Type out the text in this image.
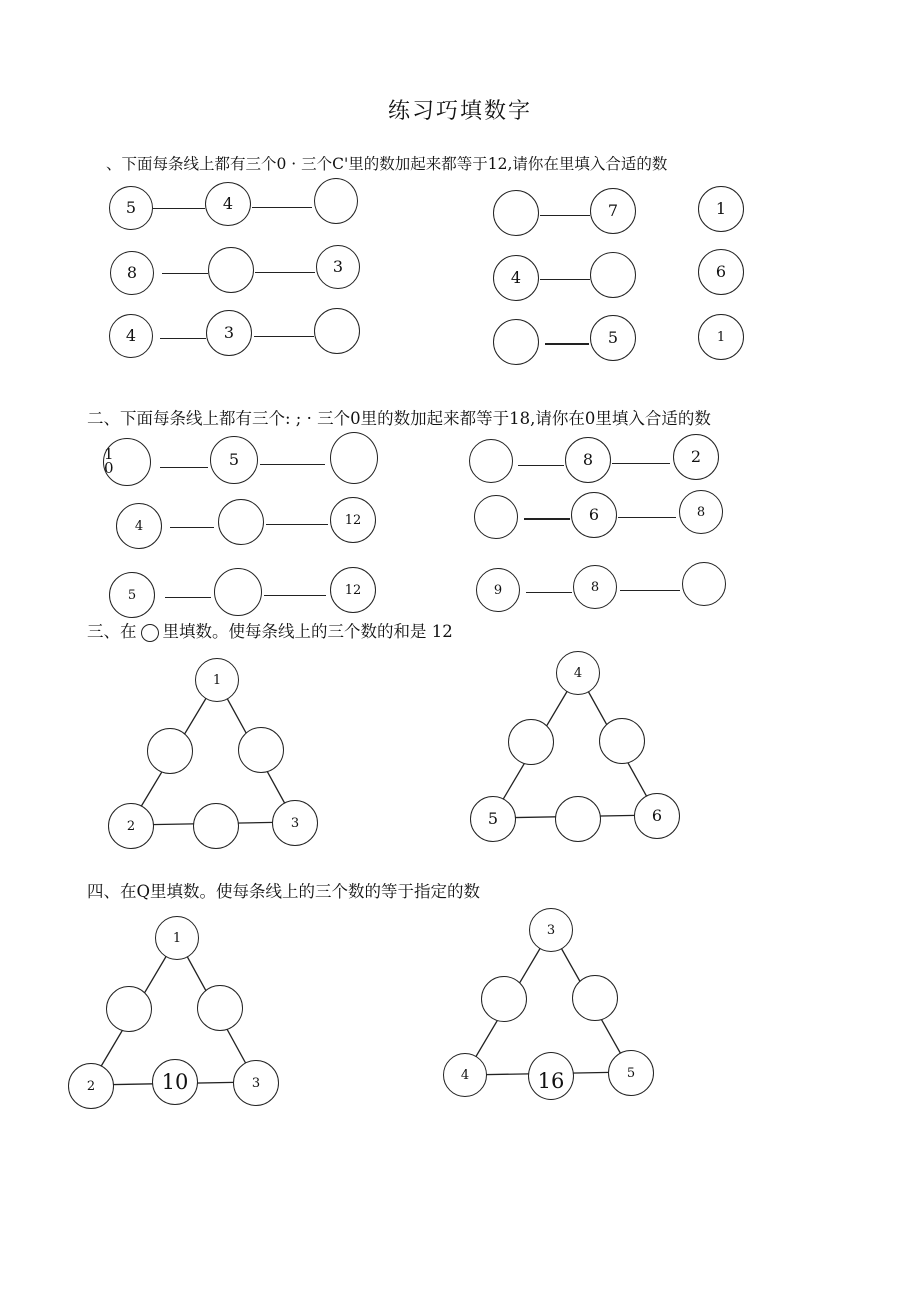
练习巧填数字
、下面每条线上都有三个0 · 三个C'里的数加起来都等于12,请你在里填入合适的数
5	4
8	3
4	3
7	1
4	6
5	1
二、下面每条线上都有三个: ; · 三个0里的数加起来都等于18,请你在0里填入合适的数
1
0	5
4	12
5	12
8	2
6	8
9	8
三、在 里填数。使每条线上的三个数的和是 12
1
2	3
4
5	6
四、在Q里填数。使每条线上的三个数的等于指定的数
1
2	10	3
3
4	16	5
